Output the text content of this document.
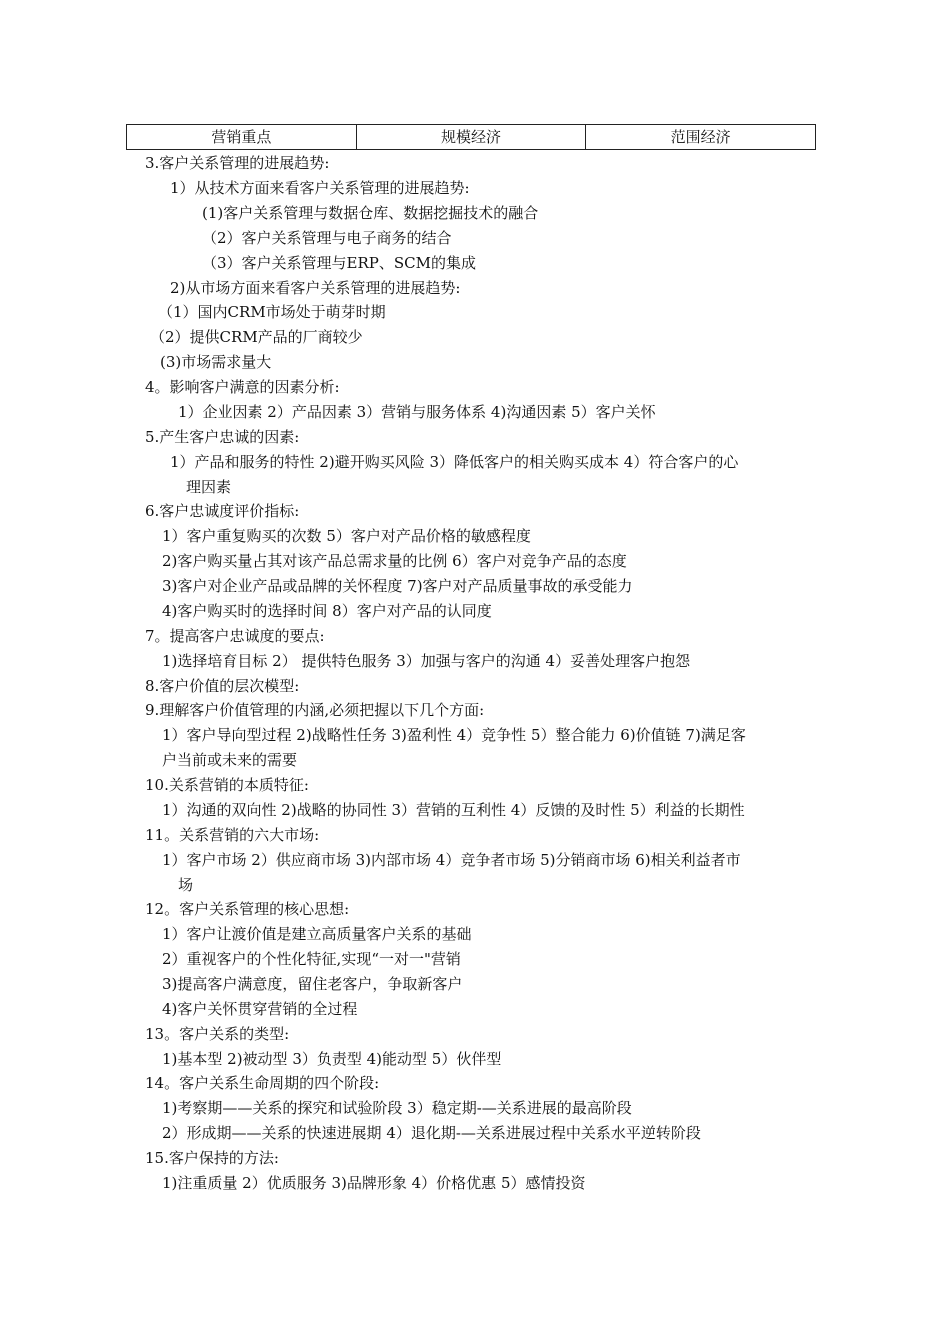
营销重点	规模经济	范围经济
3.客户关系管理的进展趋势:
1）从技术方面来看客户关系管理的进展趋势:
(1)客户关系管理与数据仓库、数据挖掘技术的融合
（2）客户关系管理与电子商务的结合
（3）客户关系管理与ERP、SCM的集成
2)从市场方面来看客户关系管理的进展趋势:
（1）国内CRM市场处于萌芽时期
（2）提供CRM产品的厂商较少
(3)市场需求量大
4。影响客户满意的因素分析:
1）企业因素 2）产品因素 3）营销与服务体系 4)沟通因素 5）客户关怀
5.产生客户忠诚的因素:
1）产品和服务的特性 2)避开购买风险 3）降低客户的相关购买成本 4）符合客户的心
理因素
6.客户忠诚度评价指标:
1）客户重复购买的次数 5）客户对产品价格的敏感程度
2)客户购买量占其对该产品总需求量的比例 6）客户对竞争产品的态度
3)客户对企业产品或品牌的关怀程度 7)客户对产品质量事故的承受能力
4)客户购买时的选择时间 8）客户对产品的认同度
7。提高客户忠诚度的要点:
1)选择培育目标 2） 提供特色服务 3）加强与客户的沟通 4）妥善处理客户抱怨
8.客户价值的层次模型:
9.理解客户价值管理的内涵,必须把握以下几个方面:
1）客户导向型过程 2)战略性任务 3)盈利性 4）竞争性 5）整合能力 6)价值链 7)满足客
户当前或未来的需要
10.关系营销的本质特征:
1）沟通的双向性 2)战略的协同性 3）营销的互利性 4）反馈的及时性 5）利益的长期性
11。关系营销的六大市场:
1）客户市场 2）供应商市场 3)内部市场 4）竞争者市场 5)分销商市场 6)相关利益者市
场
12。客户关系管理的核心思想:
1）客户让渡价值是建立高质量客户关系的基础
2）重视客户的个性化特征,实现“一对一"营销
3)提高客户满意度，留住老客户，争取新客户
4)客户关怀贯穿营销的全过程
13。客户关系的类型:
1)基本型 2)被动型 3）负责型 4)能动型 5）伙伴型
14。客户关系生命周期的四个阶段:
1)考察期——关系的探究和试验阶段 3）稳定期-—关系进展的最高阶段
2）形成期——关系的快速进展期 4）退化期-—关系进展过程中关系水平逆转阶段
15.客户保持的方法:
1)注重质量 2）优质服务 3)品牌形象 4）价格优惠 5）感情投资
